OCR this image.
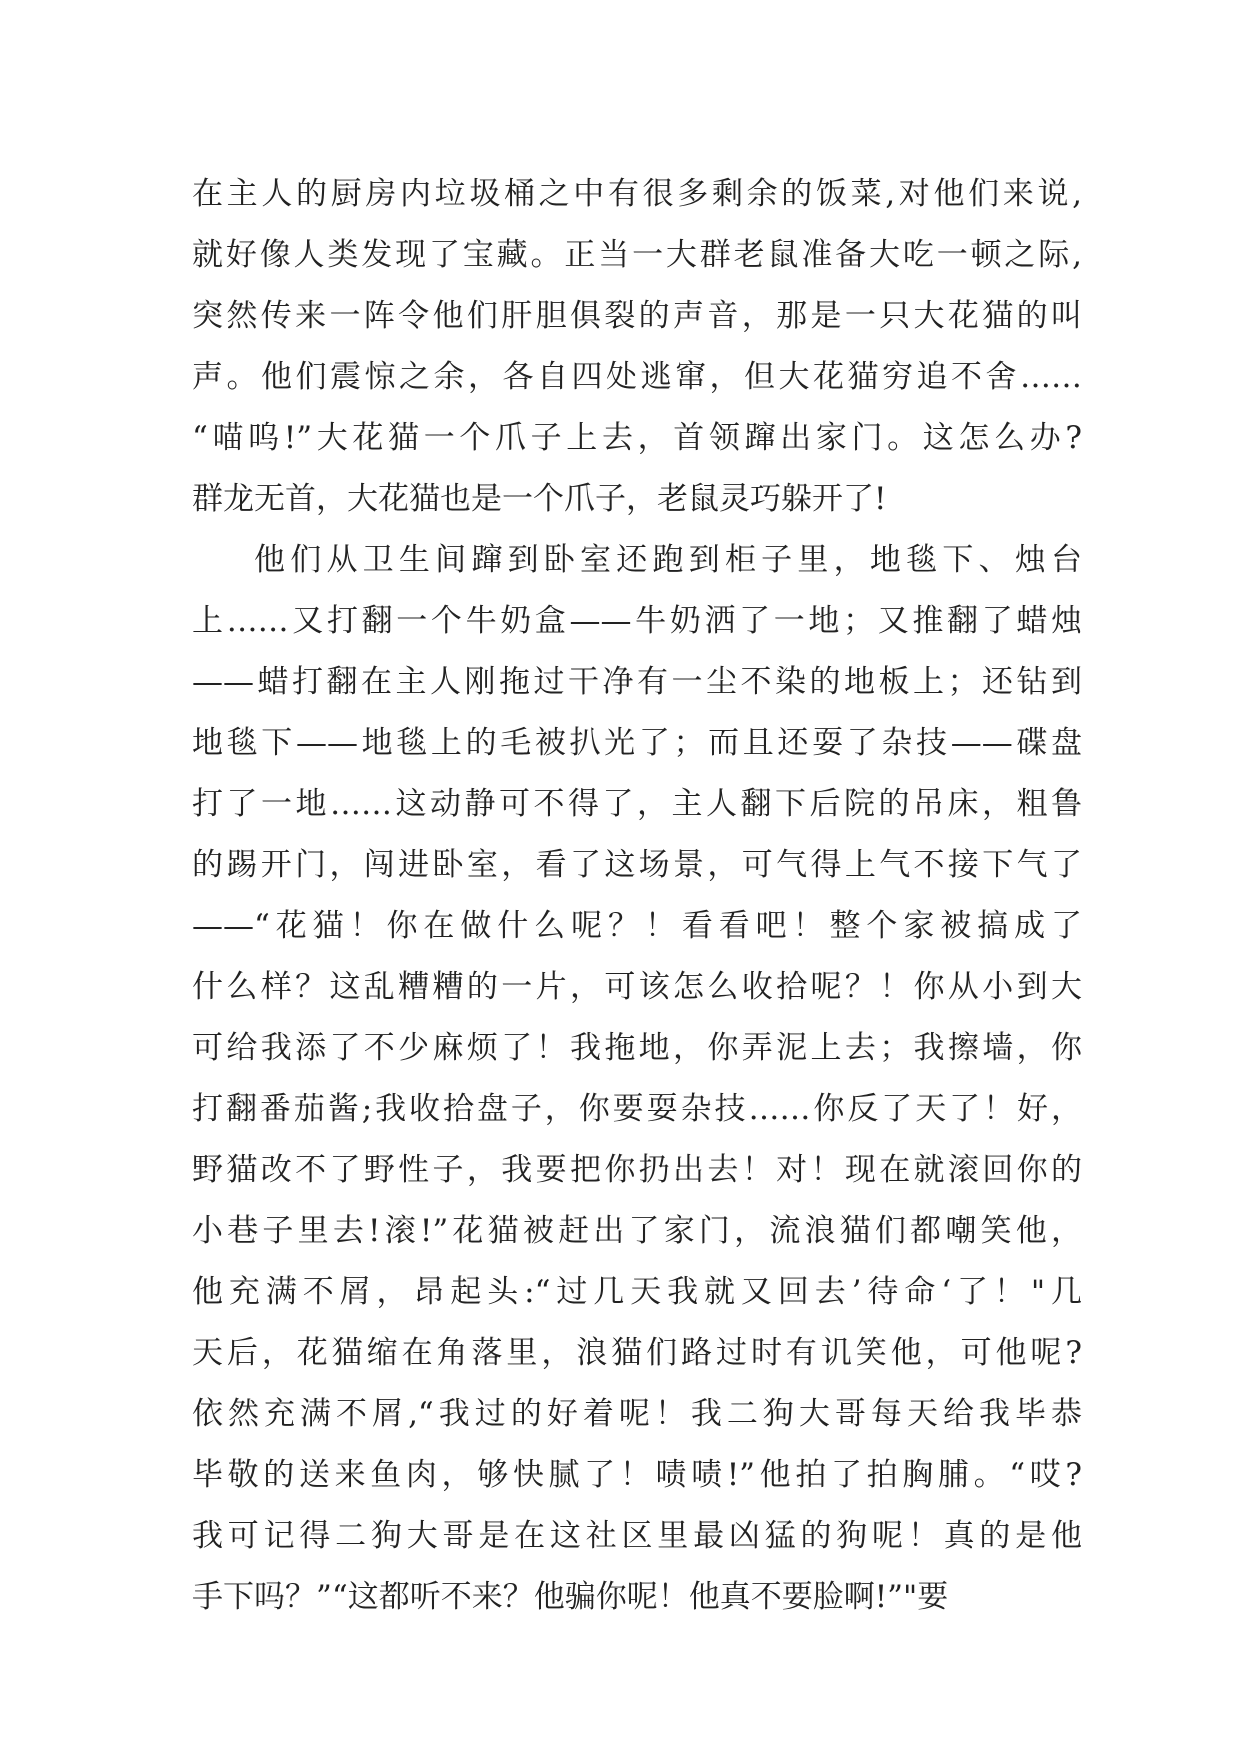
在主人的厨房内垃圾桶之中有很多剩余的饭菜,对他们来说,
就好像人类发现了宝藏。正当一大群老鼠准备大吃一顿之际,
突然传来一阵令他们肝胆俱裂的声音，那是一只大花猫的叫
声。他们震惊之余，各自四处逃窜，但大花猫穷追不舍……
“喵呜!”大花猫一个爪子上去，首领蹿出家门。这怎么办?
群龙无首，大花猫也是一个爪子，老鼠灵巧躲开了!
他们从卫生间蹿到卧室还跑到柜子里，地毯下、烛台
上……又打翻一个牛奶盒——牛奶洒了一地；又推翻了蜡烛
——蜡打翻在主人刚拖过干净有一尘不染的地板上；还钻到
地毯下——地毯上的毛被扒光了；而且还耍了杂技——碟盘
打了一地……这动静可不得了，主人翻下后院的吊床，粗鲁
的踢开门，闯进卧室，看了这场景，可气得上气不接下气了
——“花猫！你在做什么呢？！看看吧！整个家被搞成了
什么样？这乱糟糟的一片，可该怎么收拾呢？！你从小到大
可给我添了不少麻烦了！我拖地，你弄泥上去；我擦墙，你
打翻番茄酱;我收拾盘子，你要耍杂技……你反了天了！好，
野猫改不了野性子，我要把你扔出去！对！现在就滚回你的
小巷子里去!滚!”花猫被赶出了家门，流浪猫们都嘲笑他，
他充满不屑，昂起头:“过几天我就又回去’待命‘了！"几
天后，花猫缩在角落里，浪猫们路过时有讥笑他，可他呢?
依然充满不屑,“我过的好着呢！我二狗大哥每天给我毕恭
毕敬的送来鱼肉，够快腻了！啧啧!”他拍了拍胸脯。“哎?
我可记得二狗大哥是在这社区里最凶猛的狗呢！真的是他
手下吗？”“这都听不来？他骗你呢！他真不要脸啊!”"要
